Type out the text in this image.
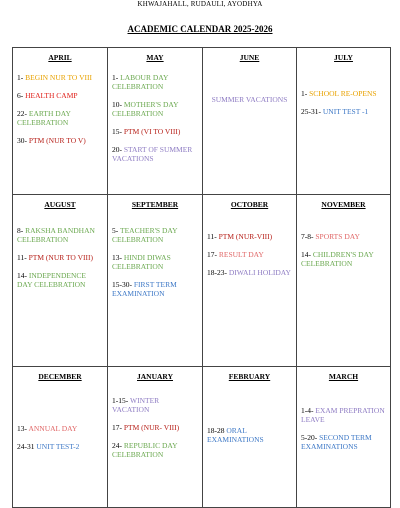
KHWAJAHALL, RUDAULI, AYODHYA
ACADEMIC CALENDAR 2025-2026
APRIL
1- BEGIN NUR TO VIII
6- HEALTH CAMP
22- EARTH DAY CELEBRATION
30- PTM (NUR TO V)
MAY
1- LABOUR DAY CELEBRATION
10- MOTHER'S DAY CELEBRATION
15- PTM (VI TO VIII)
20- START OF SUMMER VACATIONS
JUNE
SUMMER VACATIONS
JULY
1- SCHOOL RE-OPENS
25-31- UNIT TEST -1
AUGUST
8- RAKSHA BANDHAN CELEBRATION
11- PTM (NUR TO VIII)
14- INDEPENDENCE DAY CELEBRATION
SEPTEMBER
5- TEACHER'S DAY CELEBRATION
13- HINDI DIWAS CELEBRATION
15-30- FIRST TERM EXAMINATION
OCTOBER
11- PTM (NUR-VIII)
17- RESULT DAY
18-23- DIWALI HOLIDAY
NOVEMBER
7-8- SPORTS DAY
14- CHILDREN'S DAY CELEBRATION
DECEMBER
13- ANNUAL DAY
24-31 UNIT TEST-2
JANUARY
1-15- WINTER VACATION
17- PTM (NUR- VIII)
24- REPUBLIC DAY CELEBRATION
FEBRUARY
18-28 ORAL EXAMINATIONS
MARCH
1-4- EXAM PREPRATION LEAVE
5-20- SECOND TERM EXAMINATIONS
